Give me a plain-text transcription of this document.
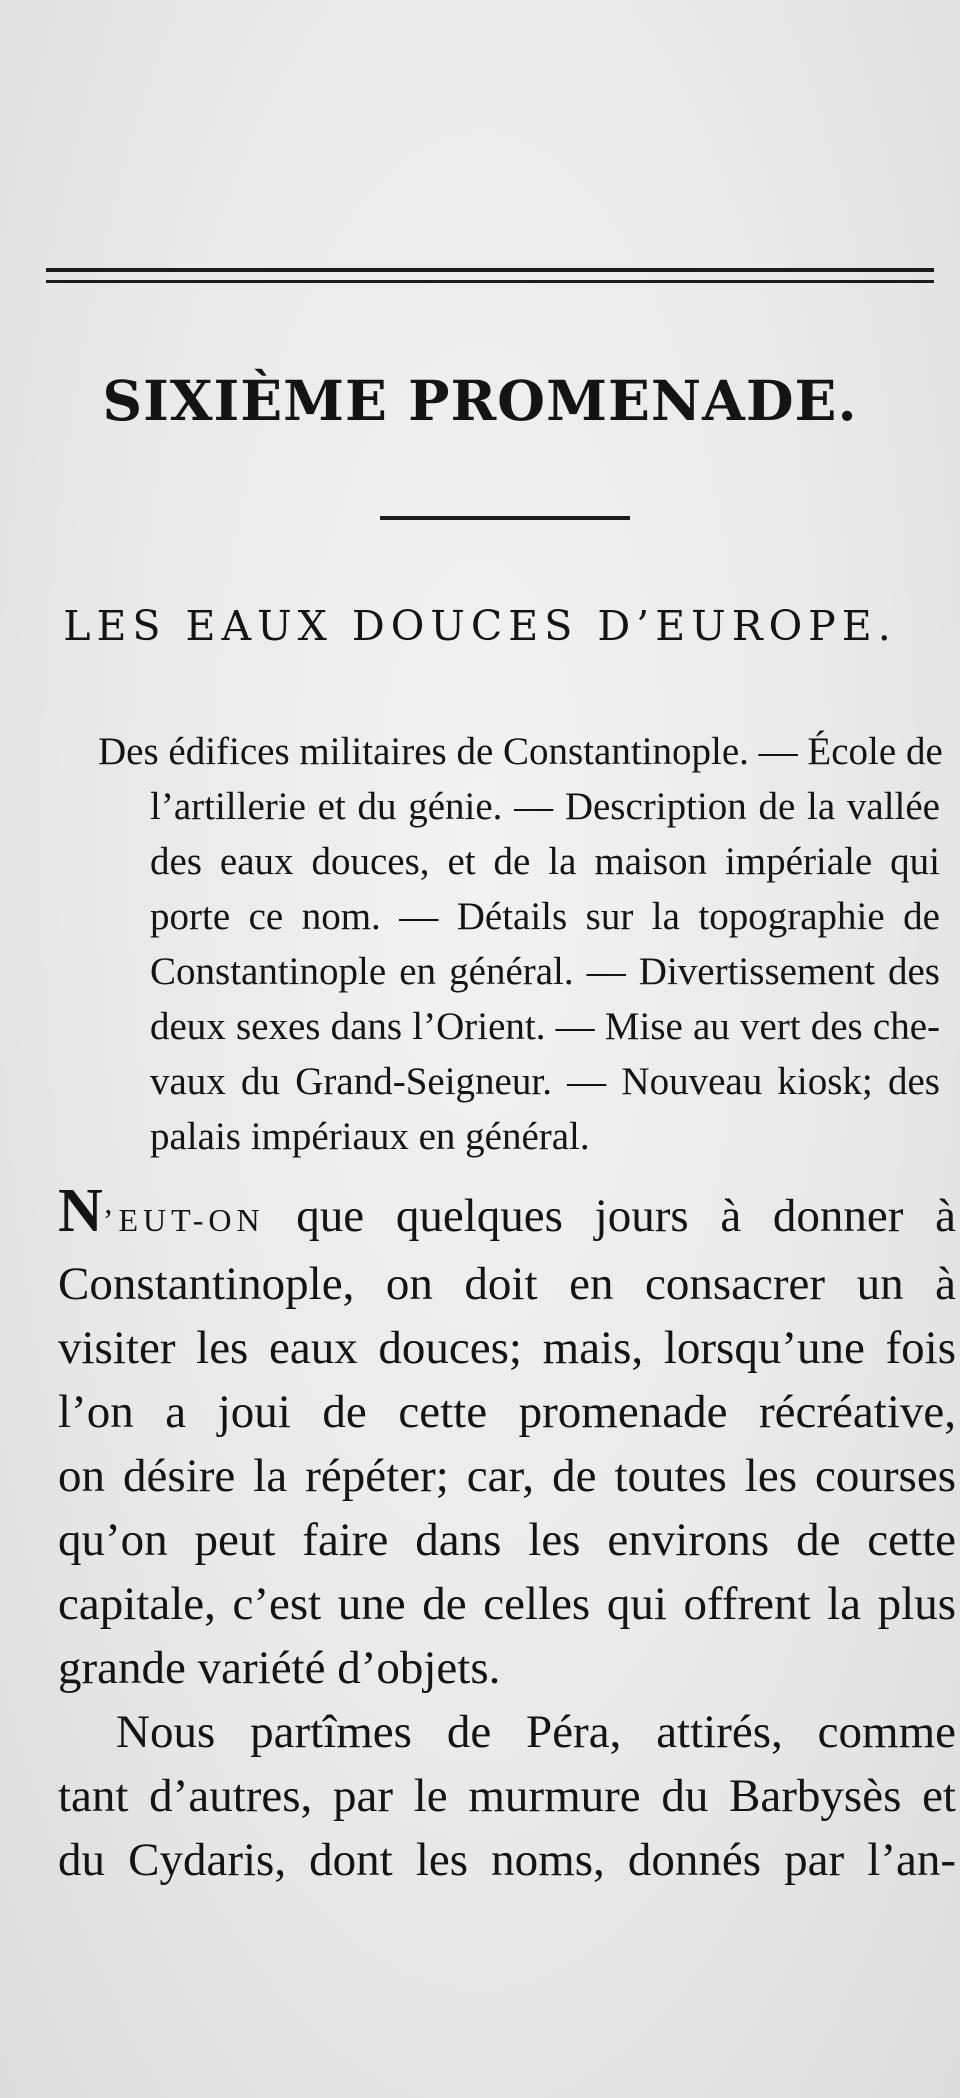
SIXIÈME PROMENADE.
LES EAUX DOUCES D’EUROPE.
Des édifices militaires de Constantinople. — École de
l’artillerie et du génie. — Description de la vallée
des eaux douces, et de la maison impériale qui
porte ce nom. — Détails sur la topographie de
Constantinople en général. — Divertissement des
deux sexes dans l’Orient. — Mise au vert des che-
vaux du Grand-Seigneur. — Nouveau kiosk; des
palais impériaux en général.
N’EUT-ON que quelques jours à donner à
Constantinople, on doit en consacrer un à
visiter les eaux douces; mais, lorsqu’une fois
l’on a joui de cette promenade récréative,
on désire la répéter; car, de toutes les courses
qu’on peut faire dans les environs de cette
capitale, c’est une de celles qui offrent la plus
grande variété d’objets.
Nous partîmes de Péra, attirés, comme
tant d’autres, par le murmure du Barbysès et
du Cydaris, dont les noms, donnés par l’an-
